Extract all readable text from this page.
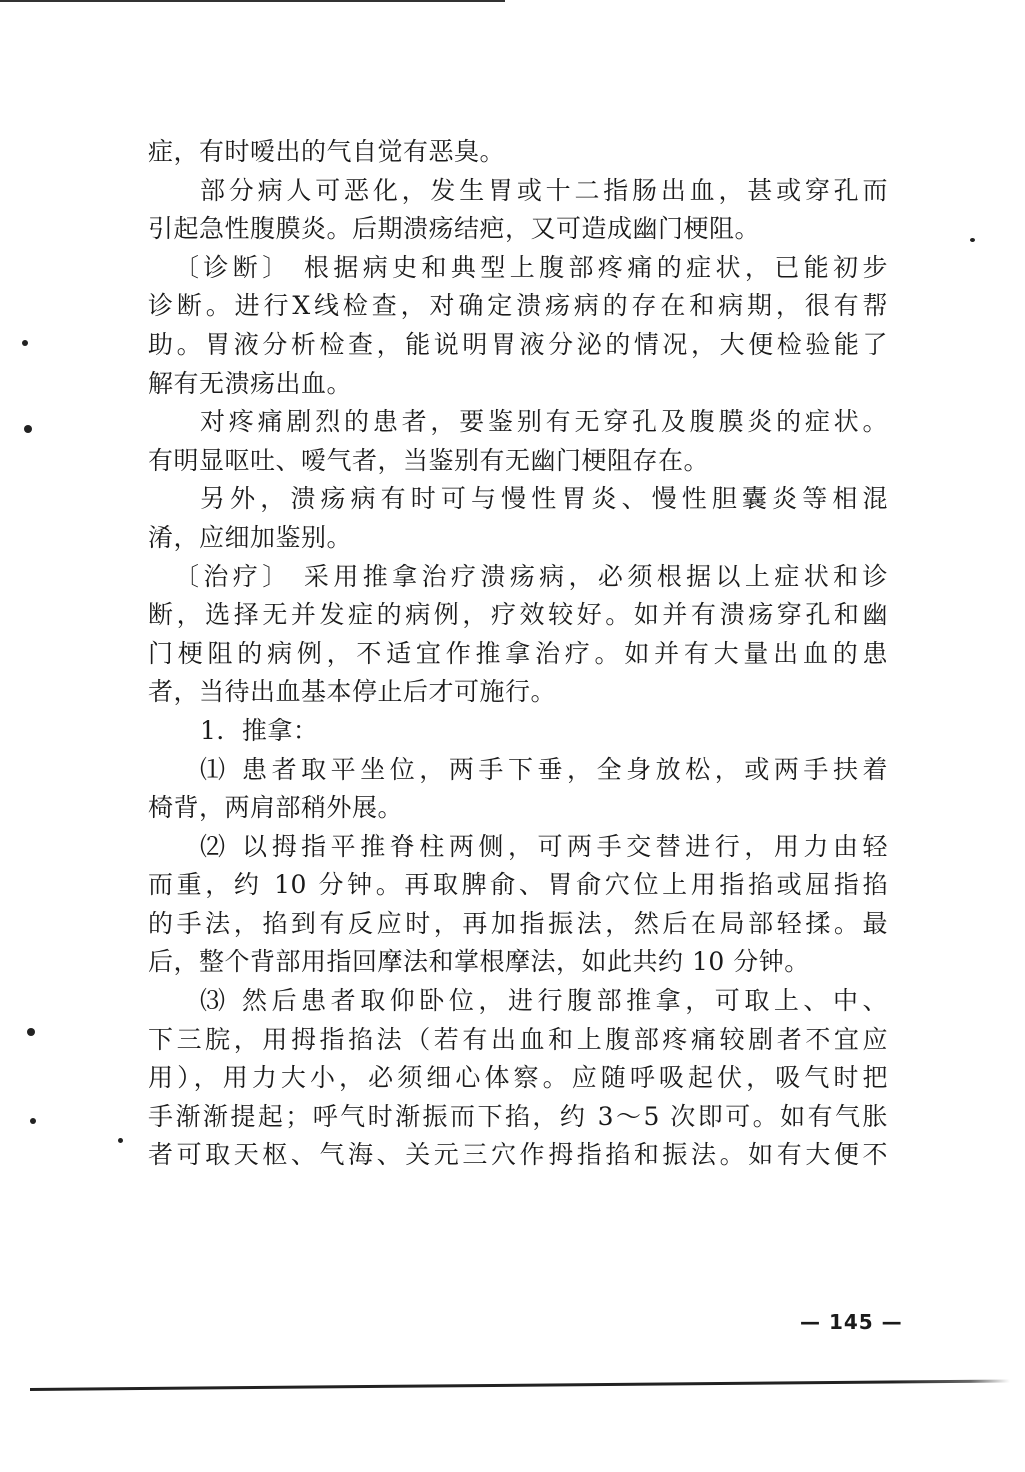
症，有时嗳出的气自觉有恶臭。
部分病人可恶化，发生胃或十二指肠出血，甚或穿孔而
引起急性腹膜炎。后期溃疡结疤，又可造成幽门梗阻。
〔诊断〕 根据病史和典型上腹部疼痛的症状，已能初步
诊断。进行X线检查，对确定溃疡病的存在和病期，很有帮
助。胃液分析检查，能说明胃液分泌的情况，大便检验能了
解有无溃疡出血。
对疼痛剧烈的患者，要鉴别有无穿孔及腹膜炎的症状。
有明显呕吐、嗳气者，当鉴别有无幽门梗阻存在。
另外，溃疡病有时可与慢性胃炎、慢性胆囊炎等相混
淆，应细加鉴别。
〔治疗〕 采用推拿治疗溃疡病，必须根据以上症状和诊
断，选择无并发症的病例，疗效较好。如并有溃疡穿孔和幽
门梗阻的病例，不适宜作推拿治疗。如并有大量出血的患
者，当待出血基本停止后才可施行。
1．推拿：
⑴ 患者取平坐位，两手下垂，全身放松，或两手扶着
椅背，两肩部稍外展。
⑵ 以拇指平推脊柱两侧，可两手交替进行，用力由轻
而重，约 10 分钟。再取脾俞、胃俞穴位上用指掐或屈指掐
的手法，掐到有反应时，再加指振法，然后在局部轻揉。最
后，整个背部用指回摩法和掌根摩法，如此共约 10 分钟。
⑶ 然后患者取仰卧位，进行腹部推拿，可取上、中、
下三脘，用拇指掐法（若有出血和上腹部疼痛较剧者不宜应
用），用力大小，必须细心体察。应随呼吸起伏，吸气时把
手渐渐提起；呼气时渐振而下掐，约 3～5 次即可。如有气胀
者可取天枢、气海、关元三穴作拇指掐和振法。如有大便不
— 145 —
